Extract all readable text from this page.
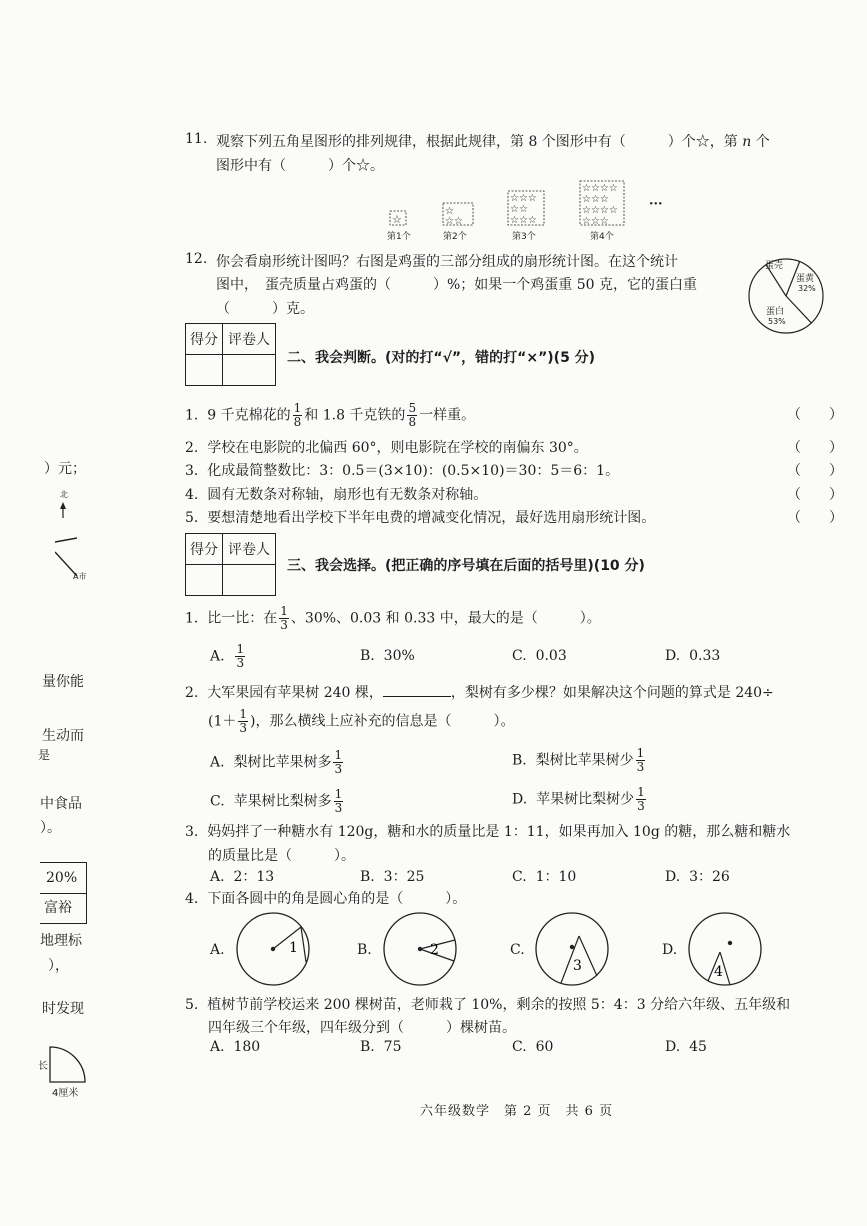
）元；
北
A市
量你能
生动而
是
中食品
）。
20%
富裕
地理标
），
时发现
长
4厘米
11. 观察下列五角星图形的排列规律，根据此规律，第 8 个图形中有（　　　）个☆，第 n 个
图形中有（　　　）个☆。
☆
☆
☆☆
☆☆☆
☆☆
☆☆☆
☆☆☆☆
☆☆☆
☆☆☆☆
☆☆☆
···
第1个	第2个	第3个	第4个
12. 你会看扇形统计图吗？右图是鸡蛋的三部分组成的扇形统计图。在这个统计
图中，　蛋壳质量占鸡蛋的（　　　）%；如果一个鸡蛋重 50 克，它的蛋白重
（　　　）克。
蛋壳
蛋黄
32%
蛋白
53%
得分	评卷人

二、我会判断。(对的打“√”，错的打“×”)(5 分)
1. 9 千克棉花的 $\frac{1}{8}$ 和 1.8 千克铁的 $\frac{5}{8}$ 一样重。	（　　）
2. 学校在电影院的北偏西 60°，则电影院在学校的南偏东 30°。	（　　）
3. 化成最简整数比：3：0.5＝(3×10)：(0.5×10)＝30：5＝6：1。	（　　）
4. 圆有无数条对称轴，扇形也有无数条对称轴。	（　　）
5. 要想清楚地看出学校下半年电费的增减变化情况，最好选用扇形统计图。	（　　）
得分	评卷人

三、我会选择。(把正确的序号填在后面的括号里)(10 分)
1. 比一比：在 $\frac{1}{3}$ 、30%、0.03 和 0.33 中，最大的是（　　　）。
A. $\frac{1}{3}$	B. 30%	C. 0.03	D. 0.33
2. 大军果园有苹果树 240 棵，	，梨树有多少棵？如果解决这个问题的算式是 240÷
($1+ \frac{1}{3}$ )，那么横线上应补充的信息是（　　　）。
A. 梨树比苹果树多 $\frac{1}{3}$	B. 梨树比苹果树少 $\frac{1}{3}$
C. 苹果树比梨树多 $\frac{1}{3}$	D. 苹果树比梨树少 $\frac{1}{3}$
3. 妈妈拌了一种糖水有 120g，糖和水的质量比是 1：11，如果再加入 10g 的糖，那么糖和糖水
的质量比是（　　　）。
A. 2：13	B. 3：25	C. 1：10	D. 3：26
4. 下面各圆中的角是圆心角的是（　　　）。
A.	1	B.	2	C.
3
D.
4
5. 植树节前学校运来 200 棵树苗，老师栽了 10%，剩余的按照 5：4：3 分给六年级、五年级和
四年级三个年级，四年级分到（　　　）棵树苗。
A. 180	B. 75	C. 60	D. 45
六年级数学　第 2 页　共 6 页
